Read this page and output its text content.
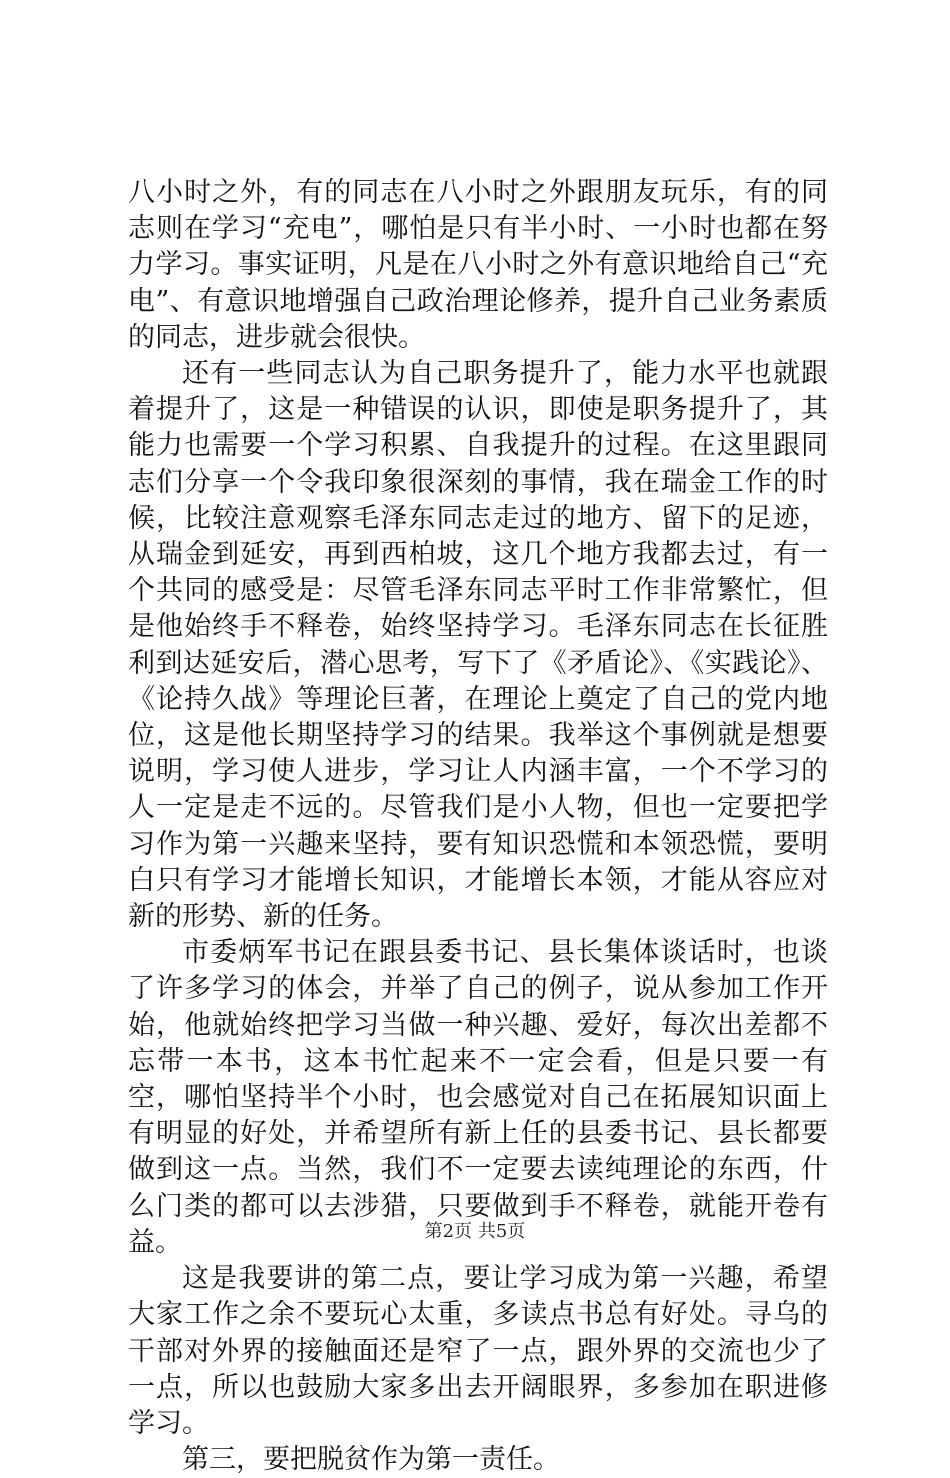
八小时之外，有的同志在八小时之外跟朋友玩乐，有的同志则在学习“充电”，哪怕是只有半小时、一小时也都在努力学习。事实证明，凡是在八小时之外有意识地给自己“充电”、有意识地增强自己政治理论修养，提升自己业务素质的同志，进步就会很快。

还有一些同志认为自己职务提升了，能力水平也就跟着提升了，这是一种错误的认识，即使是职务提升了，其能力也需要一个学习积累、自我提升的过程。在这里跟同志们分享一个令我印象很深刻的事情，我在瑞金工作的时候，比较注意观察毛泽东同志走过的地方、留下的足迹，从瑞金到延安，再到西柏坡，这几个地方我都去过，有一个共同的感受是：尽管毛泽东同志平时工作非常繁忙，但是他始终手不释卷，始终坚持学习。毛泽东同志在长征胜利到达延安后，潜心思考，写下了《矛盾论》、《实践论》、《论持久战》等理论巨著，在理论上奠定了自己的党内地位，这是他长期坚持学习的结果。我举这个事例就是想要说明，学习使人进步，学习让人内涵丰富，一个不学习的人一定是走不远的。尽管我们是小人物，但也一定要把学习作为第一兴趣来坚持，要有知识恐慌和本领恐慌，要明白只有学习才能增长知识，才能增长本领，才能从容应对新的形势、新的任务。

市委炳军书记在跟县委书记、县长集体谈话时，也谈了许多学习的体会，并举了自己的例子，说从参加工作开始，他就始终把学习当做一种兴趣、爱好，每次出差都不忘带一本书，这本书忙起来不一定会看，但是只要一有空，哪怕坚持半个小时，也会感觉对自己在拓展知识面上有明显的好处，并希望所有新上任的县委书记、县长都要做到这一点。当然，我们不一定要去读纯理论的东西，什么门类的都可以去涉猎，只要做到手不释卷，就能开卷有益。

这是我要讲的第二点，要让学习成为第一兴趣，希望大家工作之余不要玩心太重，多读点书总有好处。寻乌的干部对外界的接触面还是窄了一点，跟外界的交流也少了一点，所以也鼓励大家多出去开阔眼界，多参加在职进修学习。

第三，要把脱贫作为第一责任。

第2页 共5页
